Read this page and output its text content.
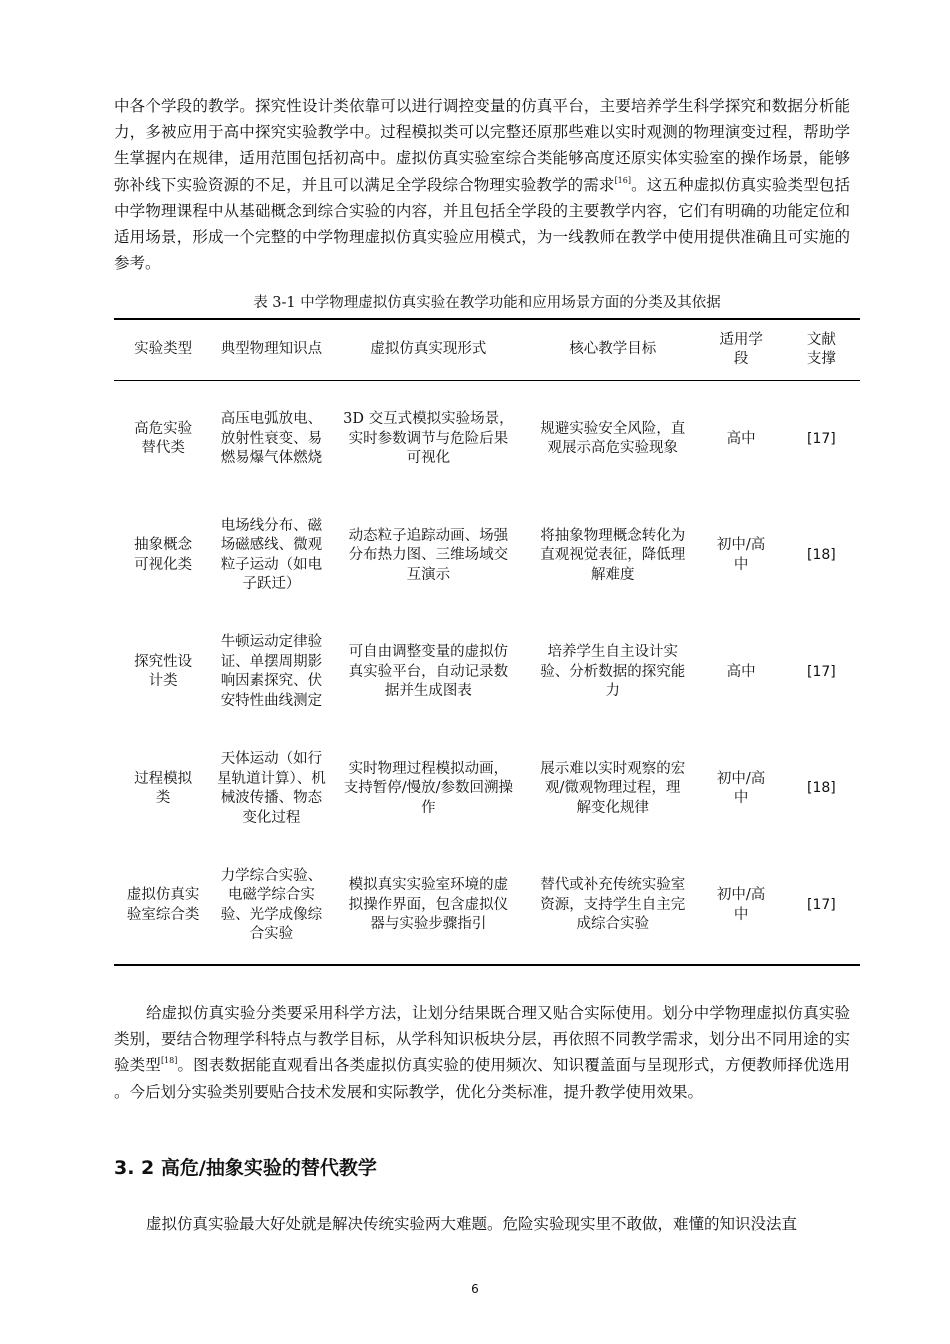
中各个学段的教学。探究性设计类依靠可以进行调控变量的仿真平台，主要培养学生科学探究和数据分析能力，多被应用于高中探究实验教学中。过程模拟类可以完整还原那些难以实时观测的物理演变过程，帮助学生掌握内在规律，适用范围包括初高中。虚拟仿真实验室综合类能够高度还原实体实验室的操作场景，能够弥补线下实验资源的不足，并且可以满足全学段综合物理实验教学的需求[16]。这五种虚拟仿真实验类型包括中学物理课程中从基础概念到综合实验的内容，并且包括全学段的主要教学内容，它们有明确的功能定位和适用场景，形成一个完整的中学物理虚拟仿真实验应用模式，为一线教师在教学中使用提供准确且可实施的参考。
表 3-1 中学物理虚拟仿真实验在教学功能和应用场景方面的分类及其依据
实验类型	典型物理知识点	虚拟仿真实现形式	核心教学目标	适用学段	文献支撑
高危实验替代类	高压电弧放电、放射性衰变、易燃易爆气体燃烧	3D 交互式模拟实验场景，实时参数调节与危险后果可视化	规避实验安全风险，直观展示高危实验现象	高中	[17]
抽象概念可视化类	电场线分布、磁场磁感线、微观粒子运动（如电子跃迁）	动态粒子追踪动画、场强分布热力图、三维场域交互演示	将抽象物理概念转化为直观视觉表征，降低理解难度	初中/高中	[18]
探究性设计类	牛顿运动定律验证、单摆周期影响因素探究、伏安特性曲线测定	可自由调整变量的虚拟仿真实验平台，自动记录数据并生成图表	培养学生自主设计实验、分析数据的探究能力	高中	[17]
过程模拟类	天体运动（如行星轨道计算）、机械波传播、物态变化过程	实时物理过程模拟动画，支持暂停/慢放/参数回溯操作	展示难以实时观察的宏观/微观物理过程，理解变化规律	初中/高中	[18]
虚拟仿真实验室综合类	力学综合实验、电磁学综合实验、光学成像综合实验	模拟真实实验室环境的虚拟操作界面，包含虚拟仪器与实验步骤指引	替代或补充传统实验室资源，支持学生自主完成综合实验	初中/高中	[17]
给虚拟仿真实验分类要采用科学方法，让划分结果既合理又贴合实际使用。划分中学物理虚拟仿真实验类别，要结合物理学科特点与教学目标，从学科知识板块分层，再依照不同教学需求，划分出不同用途的实验类型[18]。图表数据能直观看出各类虚拟仿真实验的使用频次、知识覆盖面与呈现形式，方便教师择优选用。今后划分实验类别要贴合技术发展和实际教学，优化分类标准，提升教学使用效果。
3. 2 高危/抽象实验的替代教学
虚拟仿真实验最大好处就是解决传统实验两大难题。危险实验现实里不敢做，难懂的知识没法直
6
